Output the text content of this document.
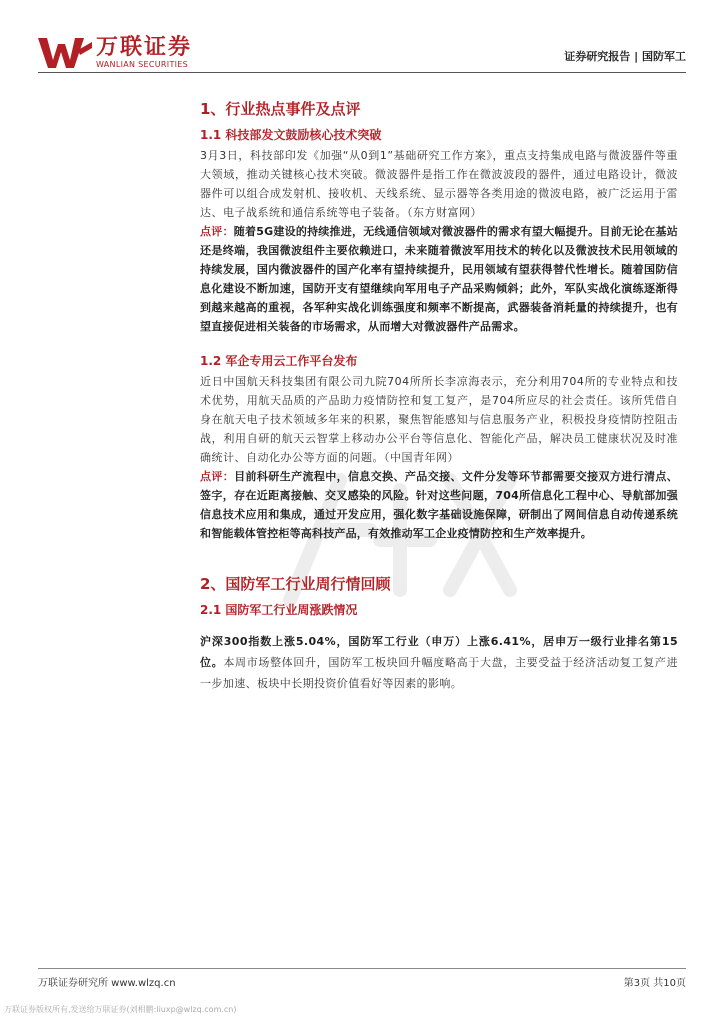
万联证券
WANLIAN SECURITIES
证券研究报告 | 国防军工
1、行业热点事件及点评
1.1 科技部发文鼓励核心技术突破
3月3日，科技部印发《加强“从0到1”基础研究工作方案》，重点支持集成电路与微波器件等重大领域，推动关键核心技术突破。微波器件是指工作在微波波段的器件，通过电路设计，微波器件可以组合成发射机、接收机、天线系统、显示器等各类用途的微波电路，被广泛运用于雷达、电子战系统和通信系统等电子装备。（东方财富网）
点评：随着5G建设的持续推进，无线通信领域对微波器件的需求有望大幅提升。目前无论在基站还是终端，我国微波组件主要依赖进口，未来随着微波军用技术的转化以及微波技术民用领域的持续发展，国内微波器件的国产化率有望持续提升，民用领域有望获得替代性增长。随着国防信息化建设不断加速，国防开支有望继续向军用电子产品采购倾斜；此外，军队实战化演练逐渐得到越来越高的重视，各军种实战化训练强度和频率不断提高，武器装备消耗量的持续提升，也有望直接促进相关装备的市场需求，从而增大对微波器件产品需求。
1.2 军企专用云工作平台发布
近日中国航天科技集团有限公司九院704所所长李凉海表示，充分利用704所的专业特点和技术优势，用航天品质的产品助力疫情防控和复工复产，是704所应尽的社会责任。该所凭借自身在航天电子技术领域多年来的积累，聚焦智能感知与信息服务产业，积极投身疫情防控阻击战，利用自研的航天云智掌上移动办公平台等信息化、智能化产品，解决员工健康状况及时准确统计、自动化办公等方面的问题。（中国青年网）
点评：目前科研生产流程中，信息交换、产品交接、文件分发等环节都需要交接双方进行清点、签字，存在近距离接触、交叉感染的风险。针对这些问题，704所信息化工程中心、导航部加强信息技术应用和集成，通过开发应用，强化数字基础设施保障，研制出了网间信息自动传递系统和智能载体管控柜等高科技产品，有效推动军工企业疫情防控和生产效率提升。
2、国防军工行业周行情回顾
2.1 国防军工行业周涨跌情况
沪深300指数上涨5.04%，国防军工行业（申万）上涨6.41%，居申万一级行业排名第15位。本周市场整体回升，国防军工板块回升幅度略高于大盘，主要受益于经济活动复工复产进一步加速、板块中长期投资价值看好等因素的影响。
万联证券研究所 www.wlzq.cn	第3页 共10页
万联证券版权所有,发送给万联证券(刘相鹏:liuxp@wlzq.com.cn)
